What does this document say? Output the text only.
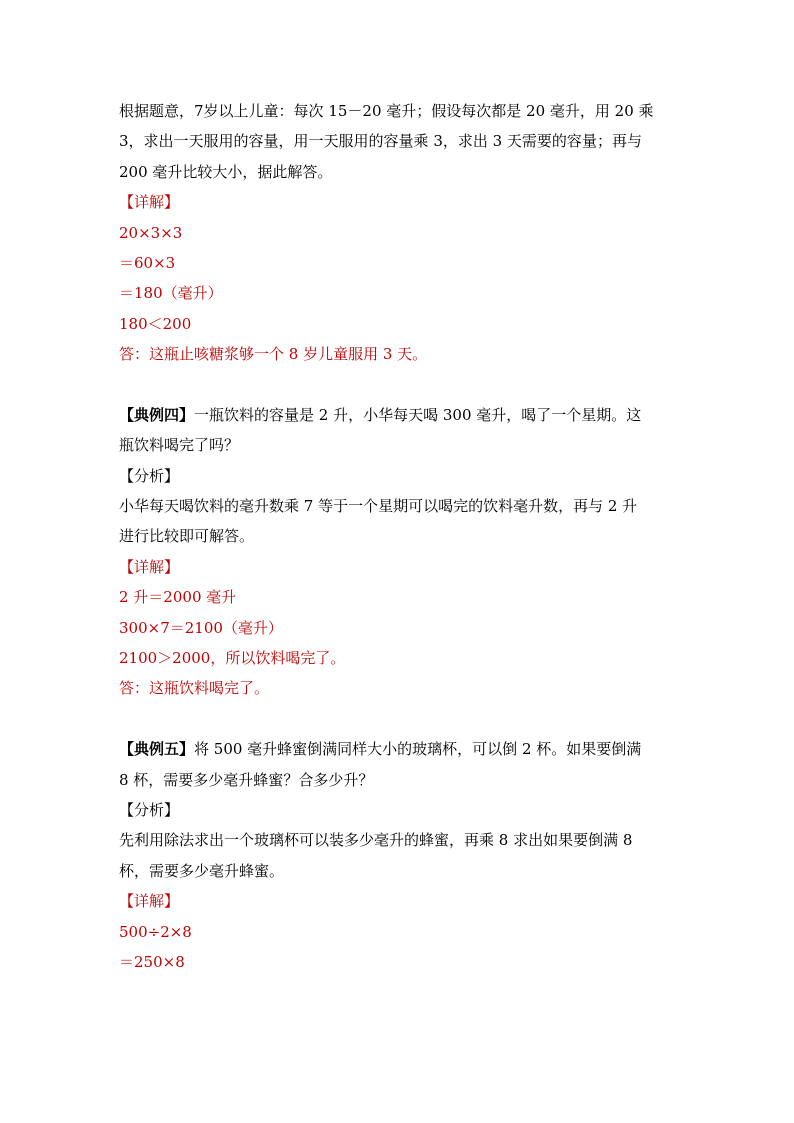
根据题意，7岁以上儿童：每次 15－20 毫升；假设每次都是 20 毫升，用 20 乘
3，求出一天服用的容量，用一天服用的容量乘 3，求出 3 天需要的容量；再与
200 毫升比较大小，据此解答。
【详解】
20×3×3
＝60×3
＝180（毫升）
180＜200
答：这瓶止咳糖浆够一个 8 岁儿童服用 3 天。
【典例四】一瓶饮料的容量是 2 升，小华每天喝 300 毫升，喝了一个星期。这
瓶饮料喝完了吗？
【分析】
小华每天喝饮料的毫升数乘 7 等于一个星期可以喝完的饮料毫升数，再与 2 升
进行比较即可解答。
【详解】
2 升＝2000 毫升
300×7＝2100（毫升）
2100＞2000，所以饮料喝完了。
答：这瓶饮料喝完了。
【典例五】将 500 毫升蜂蜜倒满同样大小的玻璃杯，可以倒 2 杯。如果要倒满
8 杯，需要多少毫升蜂蜜？合多少升？
【分析】
先利用除法求出一个玻璃杯可以装多少毫升的蜂蜜，再乘 8 求出如果要倒满 8
杯，需要多少毫升蜂蜜。
【详解】
500÷2×8
＝250×8
